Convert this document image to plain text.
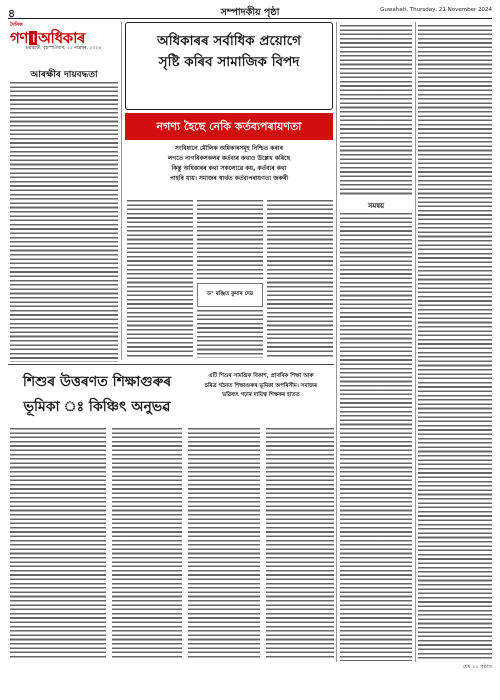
৪	সম্পাদকীয় পৃষ্ঠা	Guwahati, Thursday, 21 November 2024
দৈনিক
গণ । অধিকাৰ
গুৱাহাটী, বৃহস্পতিবাৰ, ২১ নৱেম্বৰ, ২০২৪
আৰক্ষীৰ দায়বদ্ধতা
অধিকাৰৰ সৰ্বাধিক প্ৰয়োগে
সৃষ্টি কৰিব সামাজিক বিপদ
নগণ্য হৈছে নেকি কৰ্তব্যপৰায়ণতা
সংবিধানে মৌলিক অধিকাৰসমূহ নিশ্চিত কৰাৰ
লগতে নাগৰিকসকলৰ কৰ্তব্যৰ কথাও উল্লেখ কৰিছে
কিন্তু অধিকাৰৰ কথা সকলোৱে কয়, কৰ্তব্যৰ কথা
পাহৰি যায়। সমাজৰ স্বাৰ্থত কৰ্তব্যপৰায়ণতা জৰুৰী
ড° ৰঞ্জিত কুমাৰ দেৱ
সমন্বয়
শিশুৰ উত্তৰণত শিক্ষাগুৰুৰ
ভূমিকা ঃ কিঞ্চিৎ অনুভৱ
এটি শিশুৰ সামগ্ৰিক বিকাশ, প্ৰাথমিক শিক্ষা আৰু
চৰিত্ৰ গঠনত শিক্ষাগুৰুৰ ভূমিকা অপৰিসীম। সমাজৰ
ভৱিষ্যৎ গঢ়াৰ দায়িত্ব শিক্ষকৰ হাতত
শেষ ১১ পৃষ্ঠাত
